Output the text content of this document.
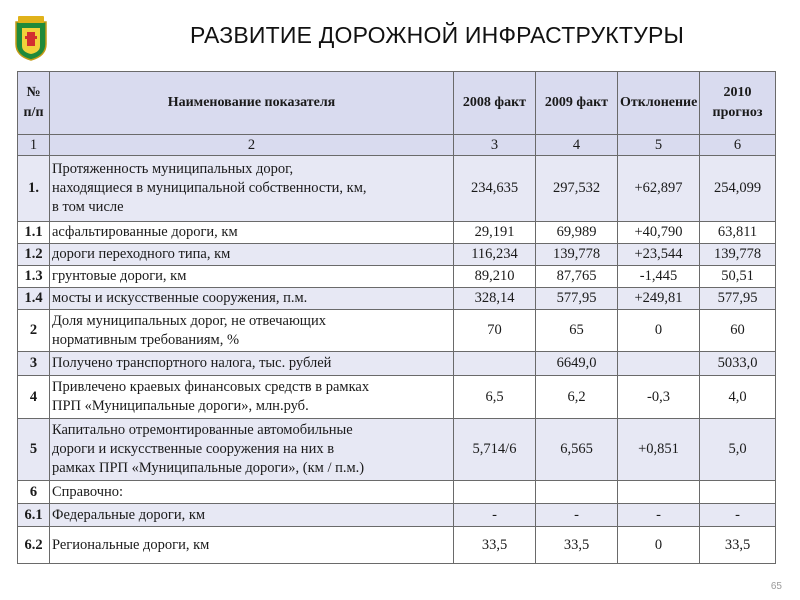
РАЗВИТИЕ ДОРОЖНОЙ ИНФРАСТРУКТУРЫ
№ п/п	Наименование показателя	2008 факт	2009 факт	Отклонение	2010 прогноз
1	2	3	4	5	6
1.	Протяженность муниципальных дорог,
находящиеся в муниципальной собственности, км,
в том числе	234,635	297,532	+62,897	254,099
1.1	асфальтированные дороги, км	29,191	69,989	+40,790	63,811
1.2	дороги переходного типа, км	116,234	139,778	+23,544	139,778
1.3	грунтовые дороги, км	89,210	87,765	-1,445	50,51
1.4	мосты и искусственные сооружения, п.м.	328,14	577,95	+249,81	577,95
2	Доля муниципальных дорог, не отвечающих
нормативным требованиям, %	70	65	0	60
3	Получено транспортного налога, тыс. рублей		6649,0		5033,0
4	Привлечено краевых финансовых средств в рамках
ПРП «Муниципальные дороги», млн.руб.	6,5	6,2	-0,3	4,0
5	Капитально отремонтированные автомобильные
дороги и искусственные сооружения на них в
рамках ПРП «Муниципальные дороги», (км / п.м.)	5,714/6	6,565	+0,851	5,0
6	Справочно:				
6.1	Федеральные дороги, км	-	-	-	-
6.2	Региональные дороги, км	33,5	33,5	0	33,5
65
